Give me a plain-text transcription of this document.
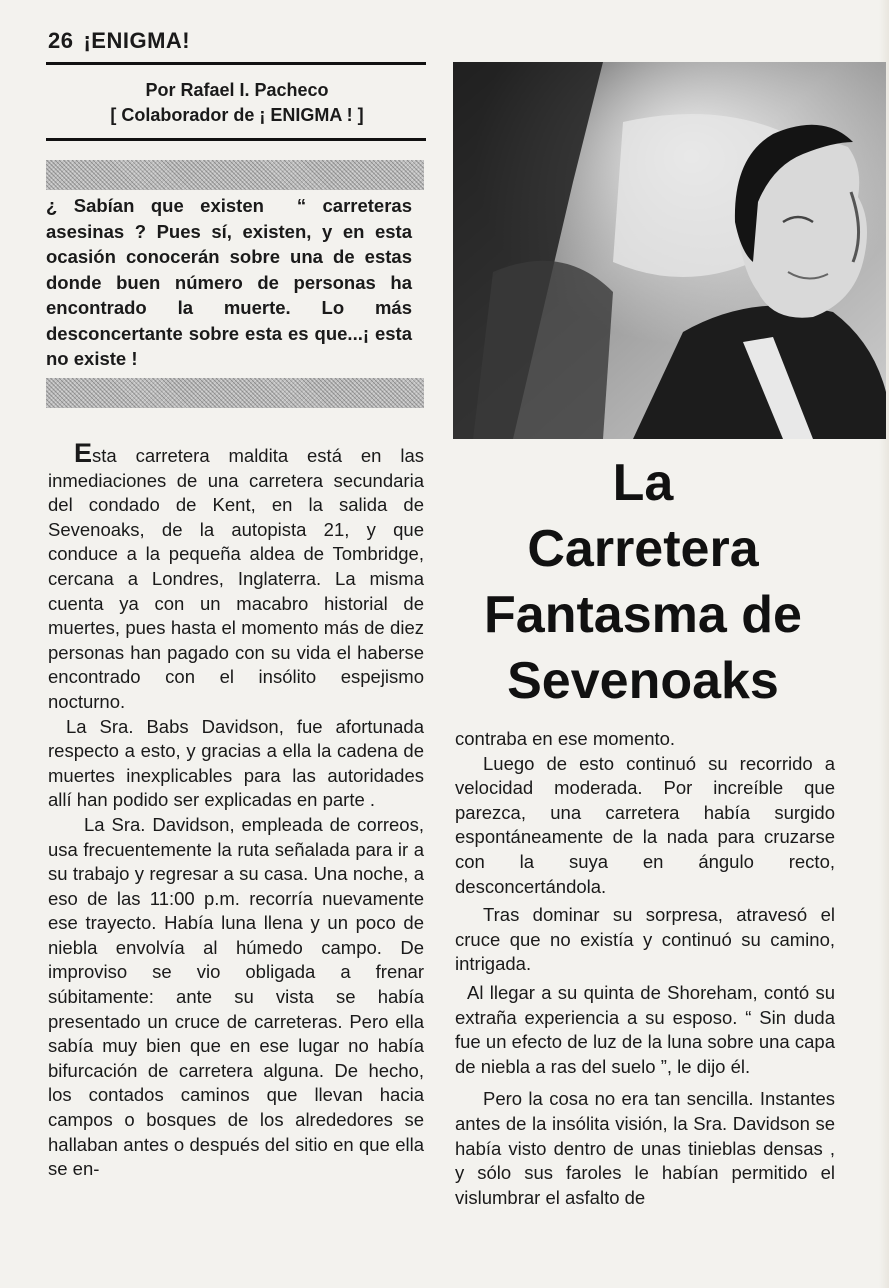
26 ¡ENIGMA!
Por Rafael I. Pacheco
[ Colaborador de ¡ ENIGMA ! ]
¿ Sabían que existen  “ carreteras asesinas ? Pues sí, existen, y en esta ocasión conocerán sobre una de estas donde buen número de personas ha encontrado la muerte. Lo más desconcertante sobre esta es que...¡ esta no existe !

Esta carretera maldita está en las inmediaciones de una carretera secundaria del condado de Kent, en la salida de Sevenoaks, de la autopista 21, y que conduce a la pequeña aldea de Tombridge, cercana a Londres, Inglaterra. La misma cuenta ya con un macabro historial de muertes, pues hasta el momento más de diez personas han pagado con su vida el haberse encontrado con el insólito espejismo nocturno.

La Sra. Babs Davidson, fue afortunada respecto a esto, y gracias a ella la cadena de muertes inexplicables para las autoridades allí han podido ser explicadas en parte .

La Sra. Davidson, empleada de correos, usa frecuentemente la ruta señalada para ir a su trabajo y regresar a su casa. Una noche, a eso de las 11:00 p.m. recorría nuevamente ese trayecto. Había luna llena y un poco de niebla envolvía al húmedo campo. De improviso se vio obligada a frenar súbitamente: ante su vista se había presentado un cruce de carreteras. Pero ella sabía muy bien que en ese lugar no había bifurcación de carretera alguna. De hecho, los contados caminos que llevan hacia campos o bosques de los alrededores se hallaban antes o después del sitio en que ella se en-

La
Carretera
Fantasma de
Sevenoaks

contraba en ese momento.

Luego de esto continuó su recorrido a velocidad moderada. Por increíble que parezca, una carretera había surgido espontáneamente de la nada para cruzarse con la suya en ángulo recto, desconcertándola.

Tras dominar su sorpresa, atravesó el cruce que no existía y continuó su camino, intrigada.

Al llegar a su quinta de Shoreham, contó su extraña experiencia a su esposo. “ Sin duda fue un efecto de luz de la luna sobre una capa de niebla a ras del suelo ”, le dijo él.

Pero la cosa no era tan sencilla. Instantes antes de la insólita visión, la Sra. Davidson se había visto dentro de unas tinieblas densas , y sólo sus faroles le habían permitido el vislumbrar el asfalto de
